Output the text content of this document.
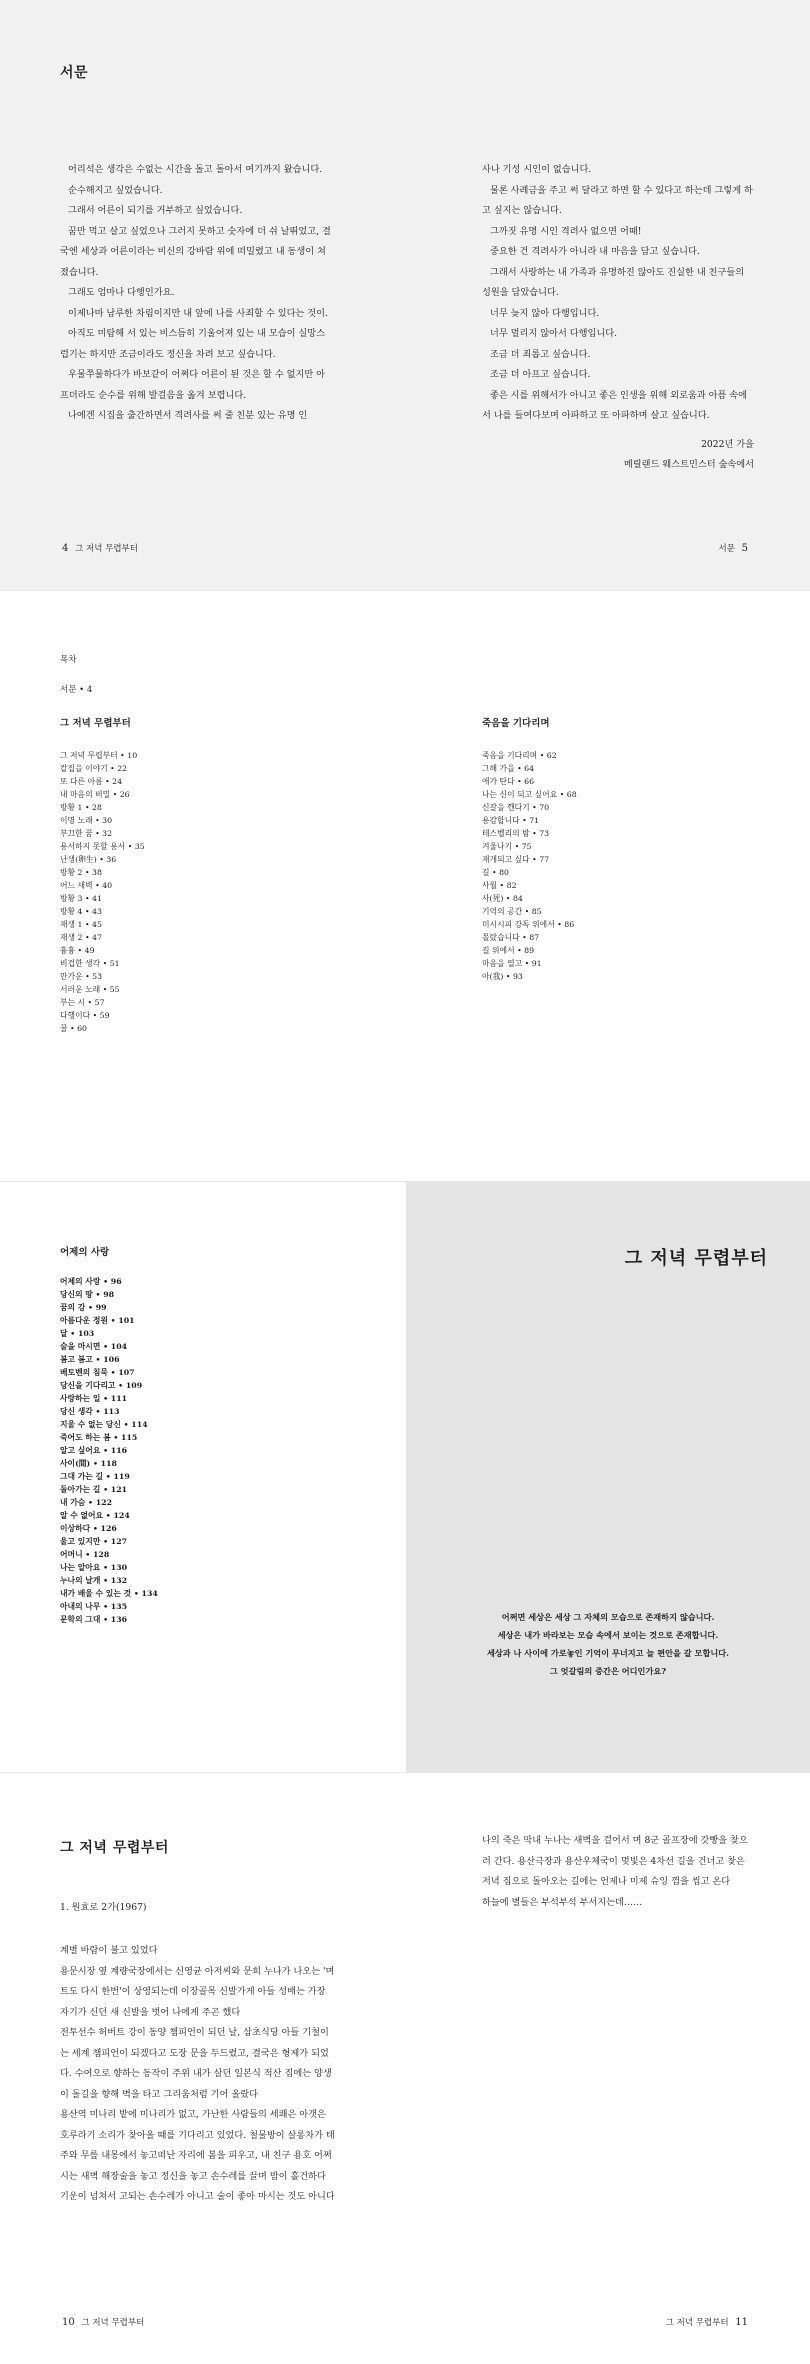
서문

어리석은 생각은 수없는 시간을 돌고 돌아서 여기까지 왔습니다.

순수해지고 싶었습니다.

그래서 어른이 되기를 거부하고 싶었습니다.

꿈만 먹고 살고 싶었으나 그러지 못하고 숫자에 더 쉬 날뛰었고, 결국엔 세상과 어른이라는 비신의 강바람 위에 떠밀렸고 내 동생이 쳐졌습니다.

그래도 엄마나 다행인가요.

이제나마 남루한 차림이지만 내 앞에 나를 사죄할 수 있다는 것이.

아직도 미탐해 서 있는 비스듬히 기울어져 있는 내 모습이 실망스럽기는 하지만 조금이라도 정신을 차려 보고 싶습니다.

우물쭈물하다가 바보같이 어쩌다 어른이 된 것은 할 수 없지만 아프더라도 순수를 위해 발걸음을 옮겨 보렵니다.

나에겐 시집을 출간하면서 격려사를 써 줄 친분 있는 유명 인

사나 기성 시인이 없습니다.

물론 사례금을 주고 써 달라고 하면 할 수 있다고 하는데 그렇게 하고 싶지는 않습니다.

그까짓 유명 시인 격려사 없으면 어때!

중요한 건 격려사가 아니라 내 마음을 담고 싶습니다.

그래서 사랑하는 내 가족과 유명하진 않아도 진실한 내 친구들의 성원을 담았습니다.

너무 늦지 않아 다행입니다.

너무 멀리지 않아서 다행입니다.

조금 더 죄롭고 싶습니다.

조금 더 아프고 싶습니다.

좋은 시를 위해서가 아니고 좋은 인생을 위해 외로움과 아픔 속에서 나를 들여다보며 아파하고 또 아파하며 살고 싶습니다.

2022년 가을
메릴랜드 웨스트민스터 숲속에서
4 그 저녁 무렵부터	서문 5
목차
서문 • 4
그 저녁 무렵부터
그 저녁 무렵부터 • 10
칼집을 이야기 • 22
또 다른 아름 • 24
내 마음의 비밀 • 26
방황 1 • 28
이명 노래 • 30
부끄한 꿈 • 32
용서하지 못할 용서 • 35
난생(卵生) • 36
방황 2 • 38
어느 새벽 • 40
방황 3 • 41
방황 4 • 43
재생 1 • 45
재생 2 • 47
흉흉 • 49
비겁한 생각 • 51
만가운 • 53
서러운 노래 • 55
부는 시 • 57
다행이다 • 59
꿀 • 60
죽음을 기다리며
죽음을 기다리며 • 62
그해 가을 • 64
애가 탄다 • 66
나는 신이 되고 싶어요 • 68
신갈을 깬다기 • 70
용감합니다 • 71
테스벨리의 밤 • 73
겨울나기 • 75
재개되고 싶다 • 77
길 • 80
사월 • 82
사(死) • 84
기억의 공간 • 85
미시시피 강독 위에서 • 86
몰랐습니다 • 87
길 위에서 • 89
마음을 열고 • 91
아(我) • 93
어제의 사랑
어제의 사랑 • 96
당신의 땅 • 98
꿈의 강 • 99
아름다운 정원 • 101
달 • 103
술을 마시면 • 104
봄고 봄고 • 106
베토벤의 침묵 • 107
당신을 기다리고 • 109
사랑하는 일 • 111
당신 생각 • 113
지울 수 없는 당신 • 114
죽어도 하는 봄 • 115
알고 싶어요 • 116
사이(間) • 118
그대 가는 길 • 119
돌아가는 길 • 121
내 가슴 • 122
알 수 없어요 • 124
이상하다 • 126
울고 있지만 • 127
어머니 • 128
나는 알아요 • 130
누나의 날개 • 132
내가 배울 수 있는 것 • 134
아내의 나무 • 135
문학의 그대 • 136
그 저녁 무렵부터

어쩌면 세상은 세상 그 자체의 모습으로 존재하지 않습니다.

세상은 내가 바라보는 모습 속에서 보이는 것으로 존재합니다.

세상과 나 사이에 가로놓인 기억이 무너지고 늘 편안을 갈 모합니다.

그 엇갈림의 중간은 어디인가요?

그 저녁 무렵부터
1. 원효로 2가(1967)

계별 바람이 불고 있었다

용문시장 옆 계량국장에서는 신영균 아저씨와 문희 누나가 나오는 '며트도 다시 한번'이 상영되는데 이장골목 신발가게 아들 성배는 가장 자기가 신던 새 신발을 벗어 나에게 주곤 했다

전투선수 허버트 강이 동양 챔피언이 되던 날, 삼초식당 아들 기철이는 세계 챔피언이 되겠다고 도장 문을 두드렸고, 결국은 형제가 되었다. 수여으로 향하는 동작이 주위 내가 살던 일본식 적산 집에는 양생이 돌길을 향해 벽을 타고 그리움처럼 기어 올랐다

용산역 미나리 밭에 미나리가 없고, 가난한 사람들의 세쾌은 아갯은 호루라기 소리가 찾아올 때를 기다리고 있었다. 철물방이 살롱차가 태주와 무릎 내몽에서 놓고떠난 자리에 봄을 피우고, 내 친구 용호 어쩌시는 새벽 해장술을 놓고 정신을 놓고 손수레를 끌며 밤이 홀건하다

기운이 넘쳐서 고되는 손수레가 아니고 술이 좋아 마시는 것도 아니다

나의 죽은 막내 누나는 새벽을 걸어서 며 8군 골프장에 갓빵을 찾으러 간다. 용산극장과 용산우체국이 멎빛은 4차선 길을 건너고 찾은 저녁 집으로 돌아오는 길에는 언제나 미제 슈잉 껌을 씹고 온다

하늘에 별들은 부석부석 부서지는데……

10 그 저녁 무렵부터	그 저녁 무렵부터 11
